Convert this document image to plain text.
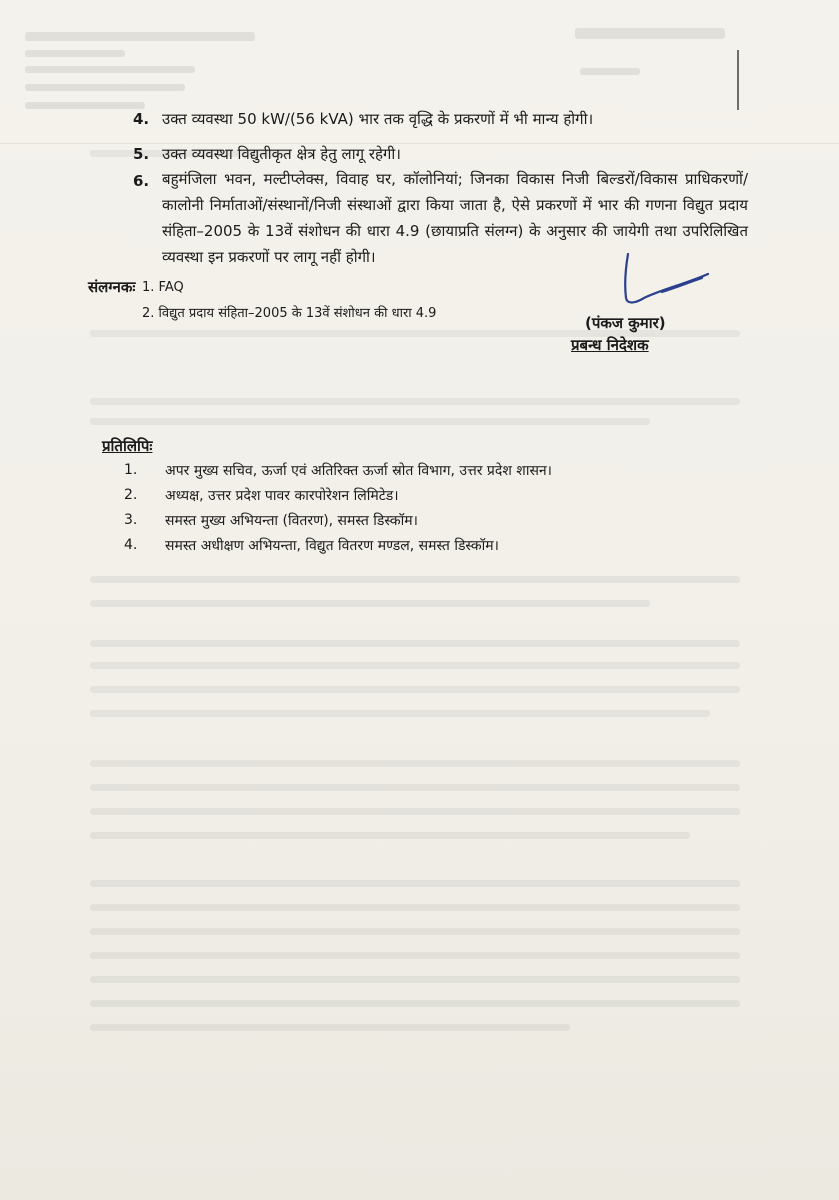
4. उक्त व्यवस्था 50 kW/(56 kVA) भार तक वृद्धि के प्रकरणों में भी मान्य होगी।
5. उक्त व्यवस्था विद्युतीकृत क्षेत्र हेतु लागू रहेगी।
6. बहुमंजिला भवन, मल्टीप्लेक्स, विवाह घर, कॉलोनियां; जिनका विकास निजी बिल्डरों/विकास प्राधिकरणों/ कालोनी निर्माताओं/संस्थानों/निजी संस्थाओं द्वारा किया जाता है, ऐसे प्रकरणों में भार की गणना विद्युत प्रदाय संहिता–2005 के 13वें संशोधन की धारा 4.9 (छायाप्रति संलग्न) के अनुसार की जायेगी तथा उपरिलिखित व्यवस्था इन प्रकरणों पर लागू नहीं होगी।
संलग्नकः 1. FAQ
2. विद्युत प्रदाय संहिता–2005 के 13वें संशोधन की धारा 4.9
(पंकज कुमार)
प्रबन्ध निदेशक
प्रतिलिपिः
1. अपर मुख्य सचिव, ऊर्जा एवं अतिरिक्त ऊर्जा स्रोत विभाग, उत्तर प्रदेश शासन।
2. अध्यक्ष, उत्तर प्रदेश पावर कारपोरेशन लिमिटेड।
3. समस्त मुख्य अभियन्ता (वितरण), समस्त डिस्कॉम।
4. समस्त अधीक्षण अभियन्ता, विद्युत वितरण मण्डल, समस्त डिस्कॉम।
